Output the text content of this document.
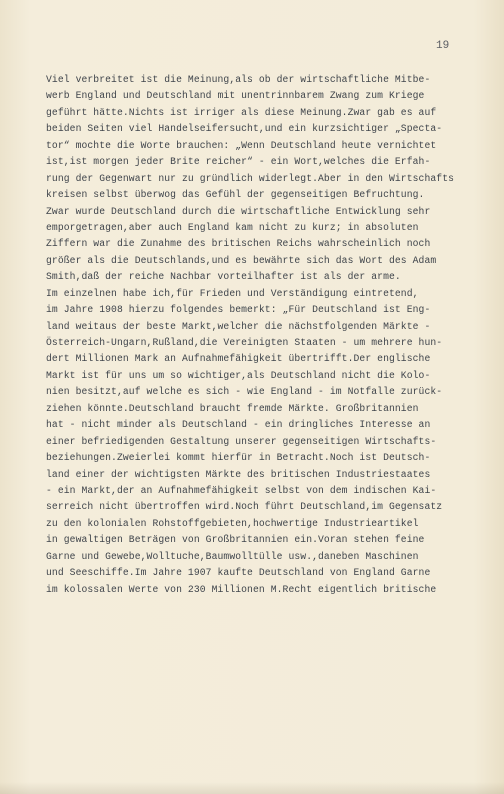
19
Viel verbreitet ist die Meinung,als ob der wirtschaftliche Mitbe-
werb England und Deutschland mit unentrinnbarem Zwang zum Kriege
geführt hätte.Nichts ist irriger als diese Meinung.Zwar gab es auf
beiden Seiten viel Handelseifersucht,und ein kurzsichtiger „Specta-
tor“ mochte die Worte brauchen: „Wenn Deutschland heute vernichtet
ist,ist morgen jeder Brite reicher“ - ein Wort,welches die Erfah-
rung der Gegenwart nur zu gründlich widerlegt.Aber in den Wirtschafts
kreisen selbst überwog das Gefühl der gegenseitigen Befruchtung.
Zwar wurde Deutschland durch die wirtschaftliche Entwicklung sehr
emporgetragen,aber auch England kam nicht zu kurz; in absoluten
Ziffern war die Zunahme des britischen Reichs wahrscheinlich noch
größer als die Deutschlands,und es bewährte sich das Wort des Adam
Smith,daß der reiche Nachbar vorteilhafter ist als der arme.
Im einzelnen habe ich,für Frieden und Verständigung eintretend,
im Jahre 1908 hierzu folgendes bemerkt: „Für Deutschland ist Eng-
land weitaus der beste Markt,welcher die nächstfolgenden Märkte -
Österreich-Ungarn,Rußland,die Vereinigten Staaten - um mehrere hun-
dert Millionen Mark an Aufnahmefähigkeit übertrifft.Der englische
Markt ist für uns um so wichtiger,als Deutschland nicht die Kolo-
nien besitzt,auf welche es sich - wie England - im Notfalle zurück-
ziehen könnte.Deutschland braucht fremde Märkte. Großbritannien
hat - nicht minder als Deutschland - ein dringliches Interesse an
einer befriedigenden Gestaltung unserer gegenseitigen Wirtschafts-
beziehungen.Zweierlei kommt hierfür in Betracht.Noch ist Deutsch-
land einer der wichtigsten Märkte des britischen Industriestaates
- ein Markt,der an Aufnahmefähigkeit selbst von dem indischen Kai-
serreich nicht übertroffen wird.Noch führt Deutschland,im Gegensatz
zu den kolonialen Rohstoffgebieten,hochwertige Industrieartikel
in gewaltigen Beträgen von Großbritannien ein.Voran stehen feine
Garne und Gewebe,Wolltuche,Baumwolltülle usw.,daneben Maschinen
und Seeschiffe.Im Jahre 1907 kaufte Deutschland von England Garne
im kolossalen Werte von 230 Millionen M.Recht eigentlich britische
